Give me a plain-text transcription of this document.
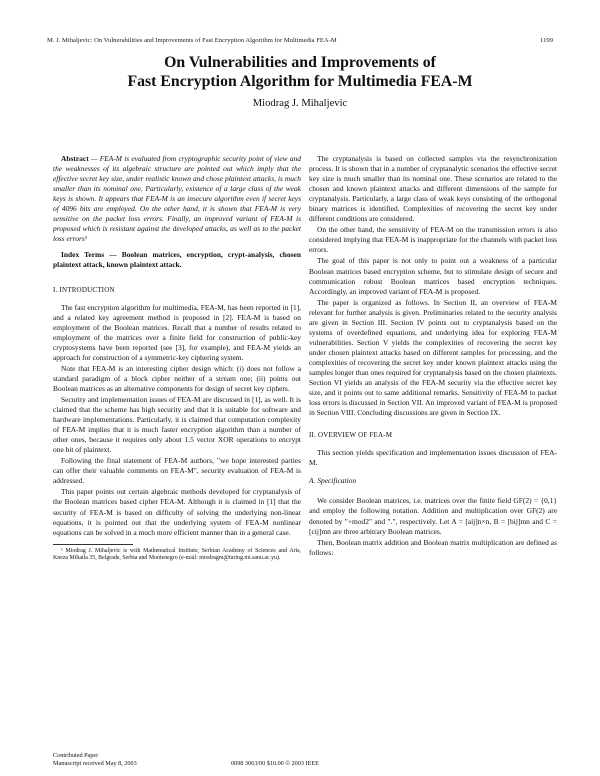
M. J. Mihaljevic: On Vulnerabilities and Improvements of Fast Encryption Algorithm for Multimedia FEA-M	1199
On Vulnerabilities and Improvements of
Fast Encryption Algorithm for Multimedia FEA-M
Miodrag J. Mihaljevic

Abstract — FEA-M is evaluated from cryptographic security point of view and the weaknesses of its algebraic structure are pointed out which imply that the effective secret key size, under realistic known and chose plaintext attacks, is much smaller than its nominal one. Particularly, existence of a large class of the weak keys is shown. It appears that FEA-M is an insecure algorithm even if secret keys of 4096 bits are employed. On the other hand, it is shown that FEA-M is very sensitive on the packet loss errors. Finally, an improved variant of FEA-M is proposed which is resistant against the developed attacks, as well as to the packet loss errors¹

Index Terms — Boolean matrices, encryption, crypt-analysis, chosen plaintext attack, known plaintext attack.

I. INTRODUCTION

The fast encryption algorithm for multimedia, FEA-M, has been reported in [1], and a related key agreement method is proposed in [2]. FEA-M is based on employment of the Boolean matrices. Recall that a number of results related to employment of the matrices over a finite field for construction of public-key cryptosystems have been reported (see [3], for example), and FEA-M yields an approach for construction of a symmetric-key ciphering system.

Note that FEA-M is an interesting cipher design which: (i) does not follow a standard paradigm of a block cipher neither of a stream one; (ii) points out Boolean matrices as an alternative components for design of secret key ciphers.

Security and implementation issues of FEA-M are discussed in [1], as well. It is claimed that the scheme has high security and that it is suitable for software and hardware implementations. Particularly, it is claimed that computation complexity of FEA-M implies that it is much faster encryption algorithm than a number of other ones, because it requires only about 1.5 vector XOR operations to encrypt one bit of plaintext.

Following the final statement of FEA-M authors, "we hope interested parties can offer their valuable comments on FEA-M", security evaluation of FEA-M is addressed.

This paper points out certain algebraic methods developed for cryptanalysis of the Boolean matrices based cipher FEA-M. Although it is claimed in [1] that the security of FEA-M is based on difficulty of solving the underlying non-linear equations, it is pointed out that the underlying system of FEA-M nonlinear equations can be solved in a much more efficient manner than in a general case.

¹ Miodrag J. Mihaljevic is with Mathematical Institute, Serbian Academy of Sciences and Arts, Kneza Mihaila 35, Belgrade, Serbia and Montenegro (e-mail: miodragm@turing.mi.sanu.ac.yu).

Contributed Paper
Manuscript received May 8, 2003	0098 3063/00 $10.00 © 2003 IEEE

The cryptanalysis is based on collected samples via the resynchronization process. It is shown that in a number of cryptanalytic scenarios the effective secret key size is much smaller than its nominal one. These scenarios are related to the chosen and known plaintext attacks and different dimensions of the sample for cryptanalysis. Particularly, a large class of weak keys consisting of the orthogonal binary matrices is identified. Complexities of recovering the secret key under different conditions are considered.

On the other hand, the sensitivity of FEA-M on the transmission errors is also considered implying that FEA-M is inappropriate for the channels with packet loss errors.

The goal of this paper is not only to point out a weakness of a particular Boolean matrices based encryption scheme, but to stimulate design of secure and communication robust Boolean matrices based encryption techniques. Accordingly, an improved variant of FEA-M is proposed.

The paper is organized as follows. In Section II, an overview of FEA-M relevant for further analysis is given. Preliminaries related to the security analysis are given in Section III. Section IV points out to cryptanalysis based on the systems of overdefined equations, and underlying idea for exploring FEA-M vulnerabilities. Section V yields the complexities of recovering the secret key under chosen plaintext attacks based on different samples for processing, and the complexities of recovering the secret key under known plaintext attacks using the samples longer than ones required for cryptanalysis based on the chosen plaintexts. Section VI yields an analysis of the FEA-M security via the effective secret key size, and it points out to same additional remarks. Sensitivity of FEA-M to packet loss errors is discussed in Section VII. An improved variant of FEA-M is proposed in Section VIII. Concluding discussions are given in Section IX.

II. OVERVIEW OF FEA-M

This section yields specification and implementation issues discussion of FEA-M.

A. Specification

We consider Boolean matrices, i.e. matrices over the finite field GF(2) = {0,1} and employ the following notation. Addition and multiplication over GF(2) are denoted by "+mod2" and ".", respectively. Let A = [aij]n×n, B = [bij]mn and C = [cij]mn are three arbitrary Boolean matrices.

Then, Boolean matrix addition and Boolean matrix multiplication are defined as follows:
